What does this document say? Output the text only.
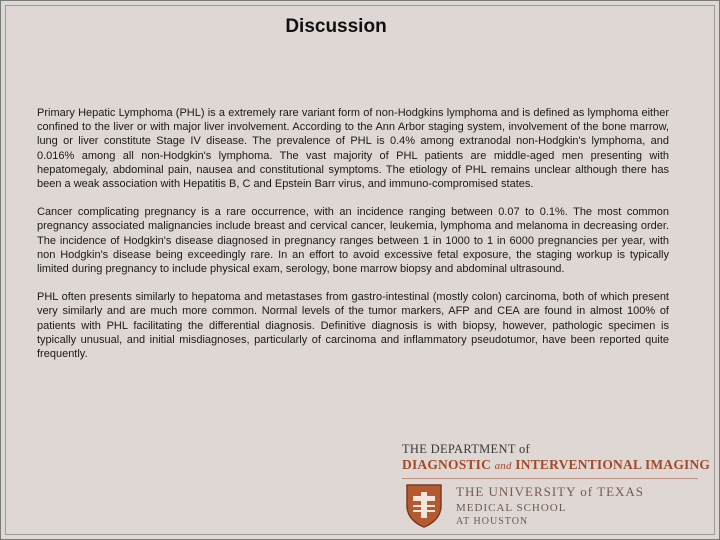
Discussion

Primary Hepatic Lymphoma (PHL) is a extremely rare variant form of non-Hodgkins lymphoma and is defined as lymphoma either confined to the liver or with major liver involvement. According to the Ann Arbor staging system, involvement of the bone marrow, lung or liver constitute Stage IV disease. The prevalence of PHL is 0.4% among extranodal non-Hodgkin's lymphoma, and 0.016% among all non-Hodgkin's lymphoma. The vast majority of PHL patients are middle-aged men presenting with hepatomegaly, abdominal pain, nausea and constitutional symptoms. The etiology of PHL remains unclear although there has been a weak association with Hepatitis B, C and Epstein Barr virus, and immuno-compromised states.

Cancer complicating pregnancy is a rare occurrence, with an incidence ranging between 0.07 to 0.1%. The most common pregnancy associated malignancies include breast and cervical cancer, leukemia, lymphoma and melanoma in decreasing order. The incidence of Hodgkin's disease diagnosed in pregnancy ranges between 1 in 1000 to 1 in 6000 pregnancies per year, with non Hodgkin's disease being exceedingly rare. In an effort to avoid excessive fetal exposure, the staging workup is typically limited during pregnancy to include physical exam, serology, bone marrow biopsy and abdominal ultrasound.

PHL often presents similarly to hepatoma and metastases from gastro-intestinal (mostly colon) carcinoma, both of which present very similarly and are much more common. Normal levels of the tumor markers, AFP and CEA are found in almost 100% of patients with PHL facilitating the differential diagnosis. Definitive diagnosis is with biopsy, however, pathologic specimen is typically unusual, and initial misdiagnoses, particularly of carcinoma and inflammatory pseudotumor, have been reported quite frequently.

THE DEPARTMENT of
DIAGNOSTIC and INTERVENTIONAL IMAGING
THE UNIVERSITY of TEXAS
MEDICAL SCHOOL
AT HOUSTON
